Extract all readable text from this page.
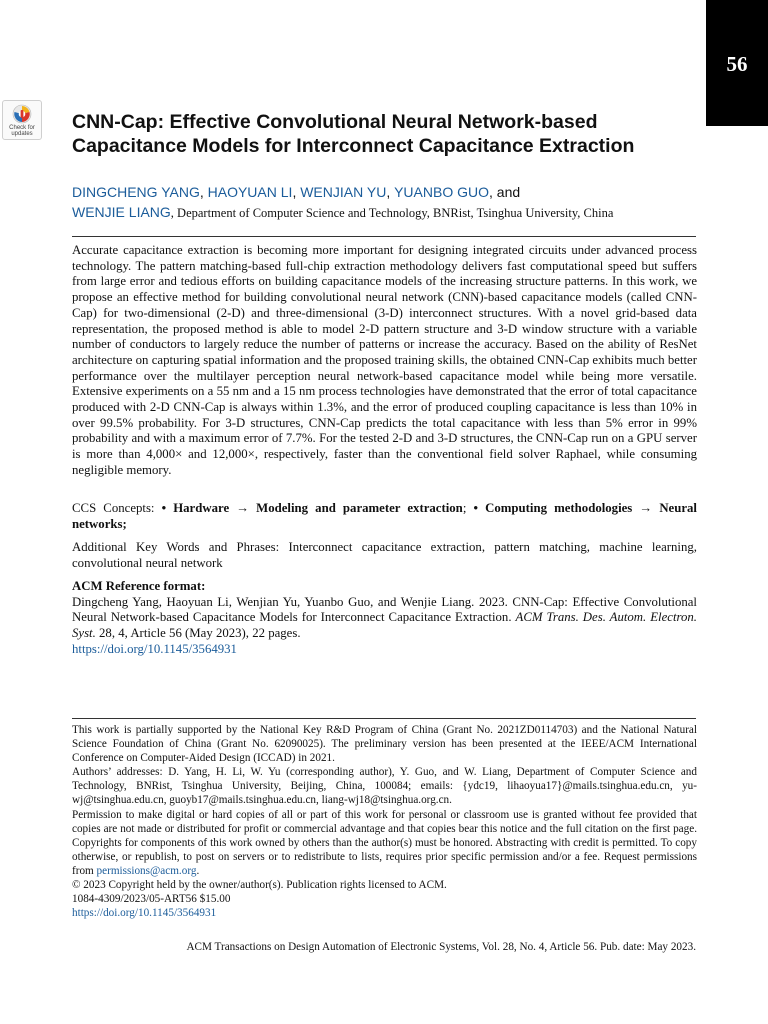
56
Check for
updates
CNN-Cap: Effective Convolutional Neural Network-based Capacitance Models for Interconnect Capacitance Extraction
DINGCHENG YANG, HAOYUAN LI, WENJIAN YU, YUANBO GUO, and
WENJIE LIANG, Department of Computer Science and Technology, BNRist, Tsinghua University, China

Accurate capacitance extraction is becoming more important for designing integrated circuits under advanced process technology. The pattern matching-based full-chip extraction methodology delivers fast computational speed but suffers from large error and tedious efforts on building capacitance models of the increasing structure patterns. In this work, we propose an effective method for building convolutional neural network (CNN)-based capacitance models (called CNN-Cap) for two-dimensional (2-D) and three-dimensional (3-D) interconnect structures. With a novel grid-based data representation, the proposed method is able to model 2-D pattern structure and 3-D window structure with a variable number of conductors to largely reduce the number of patterns or increase the accuracy. Based on the ability of ResNet architecture on capturing spatial information and the proposed training skills, the obtained CNN-Cap exhibits much better performance over the multilayer perception neural network-based capacitance model while being more versatile. Extensive experiments on a 55 nm and a 15 nm process technologies have demonstrated that the error of total capacitance produced with 2-D CNN-Cap is always within 1.3%, and the error of produced coupling capacitance is less than 10% in over 99.5% probability. For 3-D structures, CNN-Cap predicts the total capacitance with less than 5% error in 99% probability and with a maximum error of 7.7%. For the tested 2-D and 3-D structures, the CNN-Cap run on a GPU server is more than 4,000× and 12,000×, respectively, faster than the conventional field solver Raphael, while consuming negligible memory.

CCS Concepts: • Hardware → Modeling and parameter extraction; • Computing methodologies → Neural networks;

Additional Key Words and Phrases: Interconnect capacitance extraction, pattern matching, machine learning, convolutional neural network

ACM Reference format:
Dingcheng Yang, Haoyuan Li, Wenjian Yu, Yuanbo Guo, and Wenjie Liang. 2023. CNN-Cap: Effective Convolutional Neural Network-based Capacitance Models for Interconnect Capacitance Extraction. ACM Trans. Des. Autom. Electron. Syst. 28, 4, Article 56 (May 2023), 22 pages.
https://doi.org/10.1145/3564931

This work is partially supported by the National Key R&D Program of China (Grant No. 2021ZD0114703) and the National Natural Science Foundation of China (Grant No. 62090025). The preliminary version has been presented at the IEEE/ACM International Conference on Computer-Aided Design (ICCAD) in 2021.

Authors’ addresses: D. Yang, H. Li, W. Yu (corresponding author), Y. Guo, and W. Liang, Department of Computer Science and Technology, BNRist, Tsinghua University, Beijing, China, 100084; emails: {ydc19, lihaoyua17}@mails.tsinghua.edu.cn, yu-wj@tsinghua.edu.cn, guoyb17@mails.tsinghua.edu.cn, liang-wj18@tsinghua.org.cn.

Permission to make digital or hard copies of all or part of this work for personal or classroom use is granted without fee provided that copies are not made or distributed for profit or commercial advantage and that copies bear this notice and the full citation on the first page. Copyrights for components of this work owned by others than the author(s) must be honored. Abstracting with credit is permitted. To copy otherwise, or republish, to post on servers or to redistribute to lists, requires prior specific permission and/or a fee. Request permissions from permissions@acm.org.

© 2023 Copyright held by the owner/author(s). Publication rights licensed to ACM.

1084-4309/2023/05-ART56 $15.00

https://doi.org/10.1145/3564931

ACM Transactions on Design Automation of Electronic Systems, Vol. 28, No. 4, Article 56. Pub. date: May 2023.
